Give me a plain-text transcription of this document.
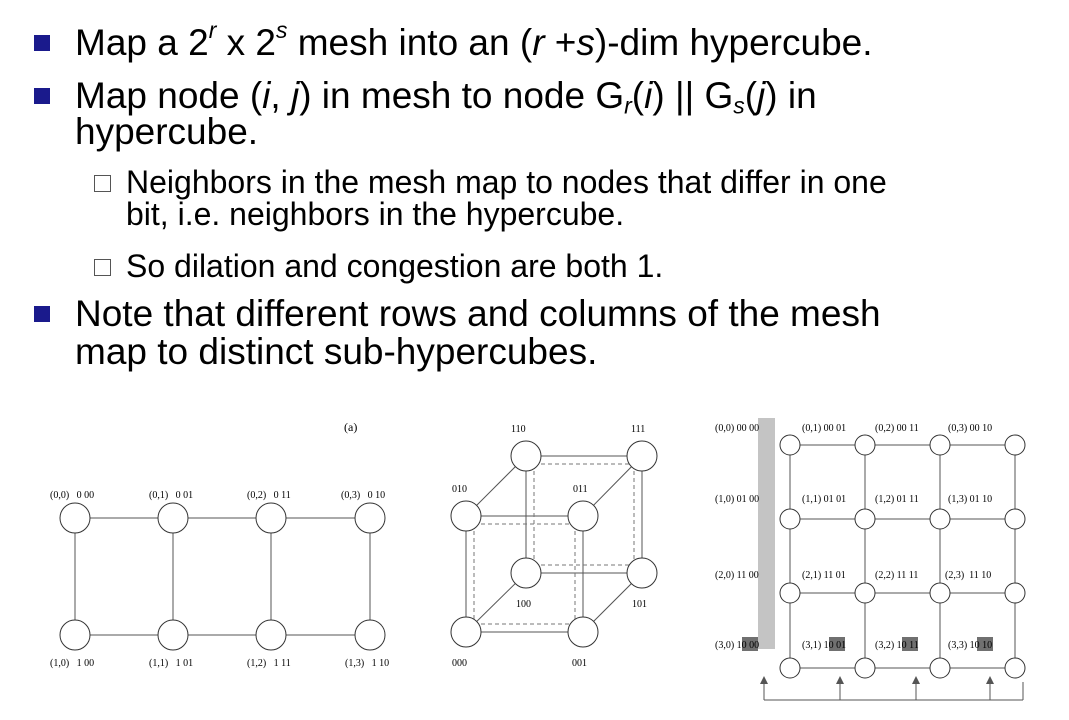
Map a 2$^r$ x 2$^s$ mesh into an (r +s)-dim hypercube.
Map node (i, j) in mesh to node $G_r(i)$ || $G_s(j)$ in
hypercube.
Neighbors in the mesh map to nodes that differ in one
bit, i.e. neighbors in the hypercube.
So dilation and congestion are both 1.
Note that different rows and columns of the mesh
map to distinct sub-hypercubes.
(a)
(0,0)   0 00	(0,1)   0 01	(0,2)   0 11	(0,3)   0 10
(1,0)   1 00	(1,1)   1 01	(1,2)   1 11	(1,3)   1 10
110	111
010	011
100	101
000	001
(0,0) 00 00	(0,1) 00 01	(0,2) 00 11	(0,3) 00 10
(1,0) 01 00	(1,1) 01 01	(1,2) 01 11	(1,3) 01 10
(2,0) 11 00	(2,1) 11 01	(2,2) 11 11	(2,3)  11 10
(3,0) 10 00	(3,1) 10 01	(3,2) 10 11	(3,3) 10 10
